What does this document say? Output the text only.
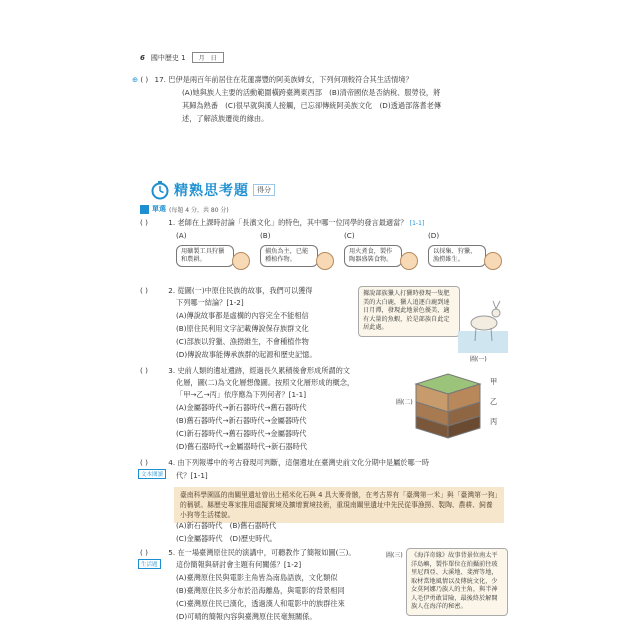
6 國中歷史 1	月　 日
⊕ ( ) 17. 巴伊是兩百年前居住在花蓮壽豐的阿美族婦女，下列何項較符合其生活情境？
(A)她與族人主要的活動範圍橫跨臺灣東西部　(B)清帝國依是否納稅、服勞役，將
其歸為熟番　(C)很早就與漢人接觸，已忘卻傳統阿美族文化　(D)透過部落耆老傳
述，了解該族遷徙的緣由。
精熟思考題	得分
單選 (每題 4 分，共 80 分)
( )	1. 老師在上課時討論「長濱文化」的特色，其中哪一位同學的發言最適當？ [1-1]
(A)	(B)	(C)	(D)
用礦製工具狩獵和農耕。
捕魚為主，已能種植作物。
用火煮食，製作陶器盛裝食物。
以採集、狩獵、漁撈維生。
( )	2. 從圖(一)中原住民族的故事，我們可以獲得
下列哪一結論？[1-2]
(A)傳說故事都是虛構的內容完全不能相信
(B)原住民利用文字記載傳說保存族群文化
(C)部族以狩獵、漁撈維生，不會種植作物
(D)傳說故事能傳承族群的起源和歷史記憶。
據說部族獵人打獵時發現一隻肥美的大白鹿，獵人追逐白鹿到達日月潭，發現此地景色優美，適有大量的魚蝦，於是部族自此定居此處。
圖(一)
( )	3. 史前人類的遺址遺跡，經過長久累積後會形成所謂的文
化層，圖(二)為文化層想像圖。按照文化層形成的概念，
「甲→乙→丙」依序應為下列何者？[1-1]
(A)金屬器時代→新石器時代→舊石器時代
(B)舊石器時代→新石器時代→金屬器時代
(C)新石器時代→舊石器時代→金屬器時代
(D)舊石器時代→金屬器時代→新石器時代
甲
乙
丙
圖(二)
文本閱讀
( )	4. 由下列報導中的考古發現可判斷，這個遺址在臺灣史前文化分期中是屬於哪一時
代？[1-1]
臺南科學園區的南關里遺址曾出土稻米化石與 4 具大麥骨骸，在考古界有「臺灣第一米」與「臺灣第一狗」的稱號。縣歷史專家推用虛擬實境及擴增實境技術，重現南關里遺址中先民從事漁撈、製陶、農耕、飼養小狗等生活樣貌。
(A)新石器時代　(B)舊石器時代
(C)金屬器時代　(D)歷史時代。
( )	5. 在一場臺灣原住民的演講中，可聽教作了簡報如圖(三)。
生活題	這份簡報與研討會主題有何關係？[1-2]
(A)臺灣原住民與電影主角皆為南島語族，文化類似
(B)臺灣原住民多分布於沿海離島，與電影的背景相同
(C)臺灣原住民已漢化，透過漢人和電影中的族群往來
(D)可晴的簡報內容與臺灣原住民毫無關係。
圖(三)	《海洋奇緣》故事背景位南太平洋島嶼，製作單位在拍攝前往玻里尼西亞、大溪地、斐濟等地，取材當地風情以及傳統文化，少女莫阿娜乃族人的主角，與半神人毛伊勇敢冒險，最後終於解開族人在海洋的秘密。
